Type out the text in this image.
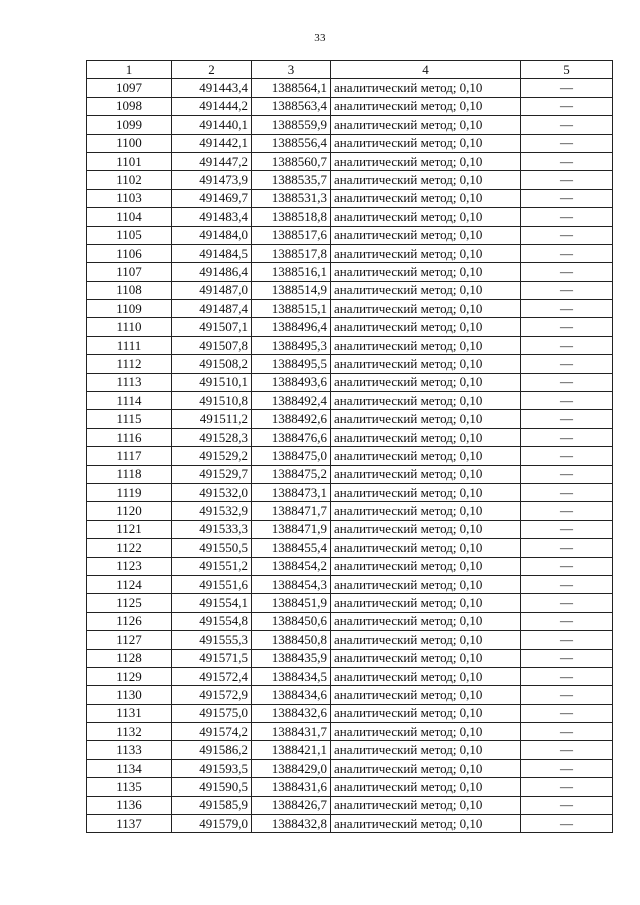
33
1	2	3	4	5
1097	491443,4	1388564,1	аналитический метод; 0,10	—
1098	491444,2	1388563,4	аналитический метод; 0,10	—
1099	491440,1	1388559,9	аналитический метод; 0,10	—
1100	491442,1	1388556,4	аналитический метод; 0,10	—
1101	491447,2	1388560,7	аналитический метод; 0,10	—
1102	491473,9	1388535,7	аналитический метод; 0,10	—
1103	491469,7	1388531,3	аналитический метод; 0,10	—
1104	491483,4	1388518,8	аналитический метод; 0,10	—
1105	491484,0	1388517,6	аналитический метод; 0,10	—
1106	491484,5	1388517,8	аналитический метод; 0,10	—
1107	491486,4	1388516,1	аналитический метод; 0,10	—
1108	491487,0	1388514,9	аналитический метод; 0,10	—
1109	491487,4	1388515,1	аналитический метод; 0,10	—
1110	491507,1	1388496,4	аналитический метод; 0,10	—
1111	491507,8	1388495,3	аналитический метод; 0,10	—
1112	491508,2	1388495,5	аналитический метод; 0,10	—
1113	491510,1	1388493,6	аналитический метод; 0,10	—
1114	491510,8	1388492,4	аналитический метод; 0,10	—
1115	491511,2	1388492,6	аналитический метод; 0,10	—
1116	491528,3	1388476,6	аналитический метод; 0,10	—
1117	491529,2	1388475,0	аналитический метод; 0,10	—
1118	491529,7	1388475,2	аналитический метод; 0,10	—
1119	491532,0	1388473,1	аналитический метод; 0,10	—
1120	491532,9	1388471,7	аналитический метод; 0,10	—
1121	491533,3	1388471,9	аналитический метод; 0,10	—
1122	491550,5	1388455,4	аналитический метод; 0,10	—
1123	491551,2	1388454,2	аналитический метод; 0,10	—
1124	491551,6	1388454,3	аналитический метод; 0,10	—
1125	491554,1	1388451,9	аналитический метод; 0,10	—
1126	491554,8	1388450,6	аналитический метод; 0,10	—
1127	491555,3	1388450,8	аналитический метод; 0,10	—
1128	491571,5	1388435,9	аналитический метод; 0,10	—
1129	491572,4	1388434,5	аналитический метод; 0,10	—
1130	491572,9	1388434,6	аналитический метод; 0,10	—
1131	491575,0	1388432,6	аналитический метод; 0,10	—
1132	491574,2	1388431,7	аналитический метод; 0,10	—
1133	491586,2	1388421,1	аналитический метод; 0,10	—
1134	491593,5	1388429,0	аналитический метод; 0,10	—
1135	491590,5	1388431,6	аналитический метод; 0,10	—
1136	491585,9	1388426,7	аналитический метод; 0,10	—
1137	491579,0	1388432,8	аналитический метод; 0,10	—
